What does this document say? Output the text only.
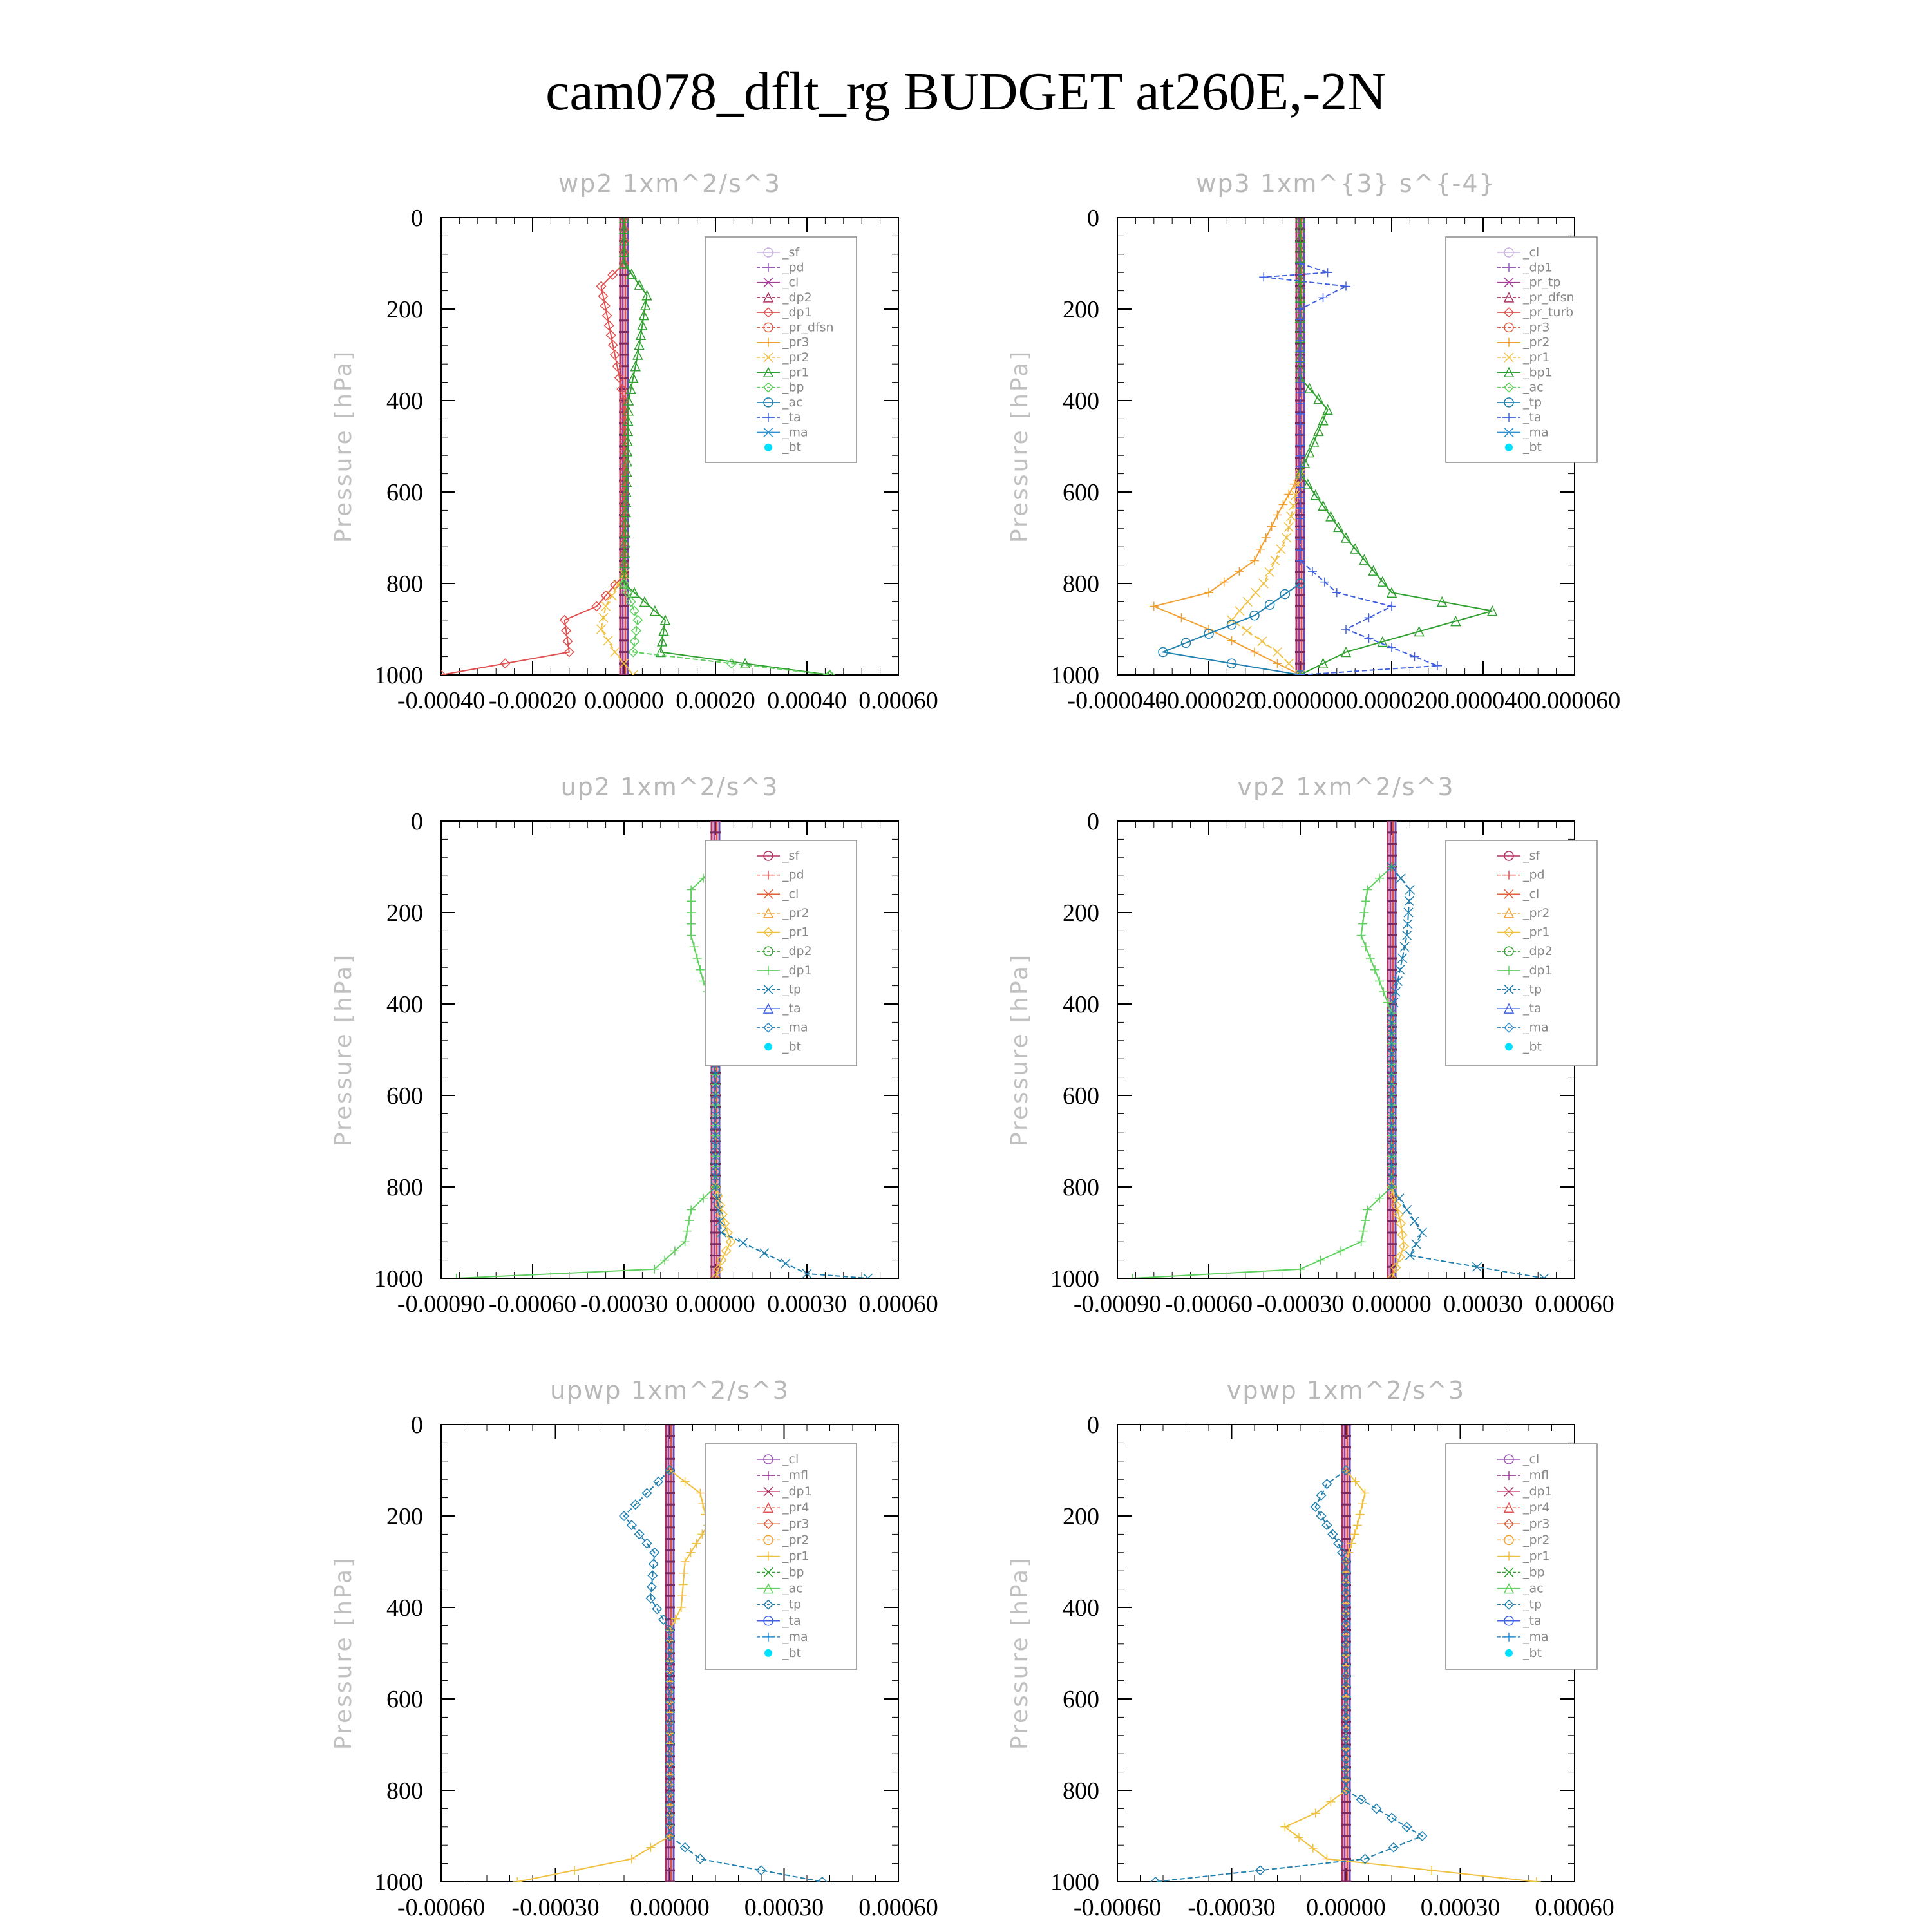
cam078_dflt_rg BUDGET at260E,-2N
wp2 1xm^2/s^3
Pressure [hPa]
0
200
400
600
800
1000
-0.00040 -0.00020 0.00000 0.00020 0.00040 0.00060
_sf
_pd
_cl
_dp2
_dp1
_pr_dfsn
_pr3
_pr2
_pr1
_bp
_ac
_ta
_ma
_bt
wp3 1xm^{3} s^{-4}
Pressure [hPa]
0
200
400
600
800
1000
-0.000040
-0.000020
0.000000 0.000020 0.000040 0.000060
_cl
_dp1
_pr_tp
_pr_dfsn
_pr_turb
_pr3
_pr2
_pr1
_bp1
_ac
_tp
_ta
_ma
_bt
up2 1xm^2/s^3
Pressure [hPa]
0
200
400
600
800
1000
-0.00090 -0.00060 -0.00030 0.00000 0.00030 0.00060
_sf
_pd
_cl
_pr2
_pr1
_dp2
_dp1
_tp
_ta
_ma
_bt
vp2 1xm^2/s^3
Pressure [hPa]
0
200
400
600
800
1000
-0.00090 -0.00060 -0.00030 0.00000 0.00030 0.00060
_sf
_pd
_cl
_pr2
_pr1
_dp2
_dp1
_tp
_ta
_ma
_bt
upwp 1xm^2/s^3
Pressure [hPa]
0
200
400
600
800
1000
-0.00060 -0.00030 0.00000 0.00030 0.00060
_cl
_mfl
_dp1
_pr4
_pr3
_pr2
_pr1
_bp
_ac
_tp
_ta
_ma
_bt
vpwp 1xm^2/s^3
Pressure [hPa]
0
200
400
600
800
1000
-0.00060 -0.00030 0.00000 0.00030 0.00060
_cl
_mfl
_dp1
_pr4
_pr3
_pr2
_pr1
_bp
_ac
_tp
_ta
_ma
_bt
